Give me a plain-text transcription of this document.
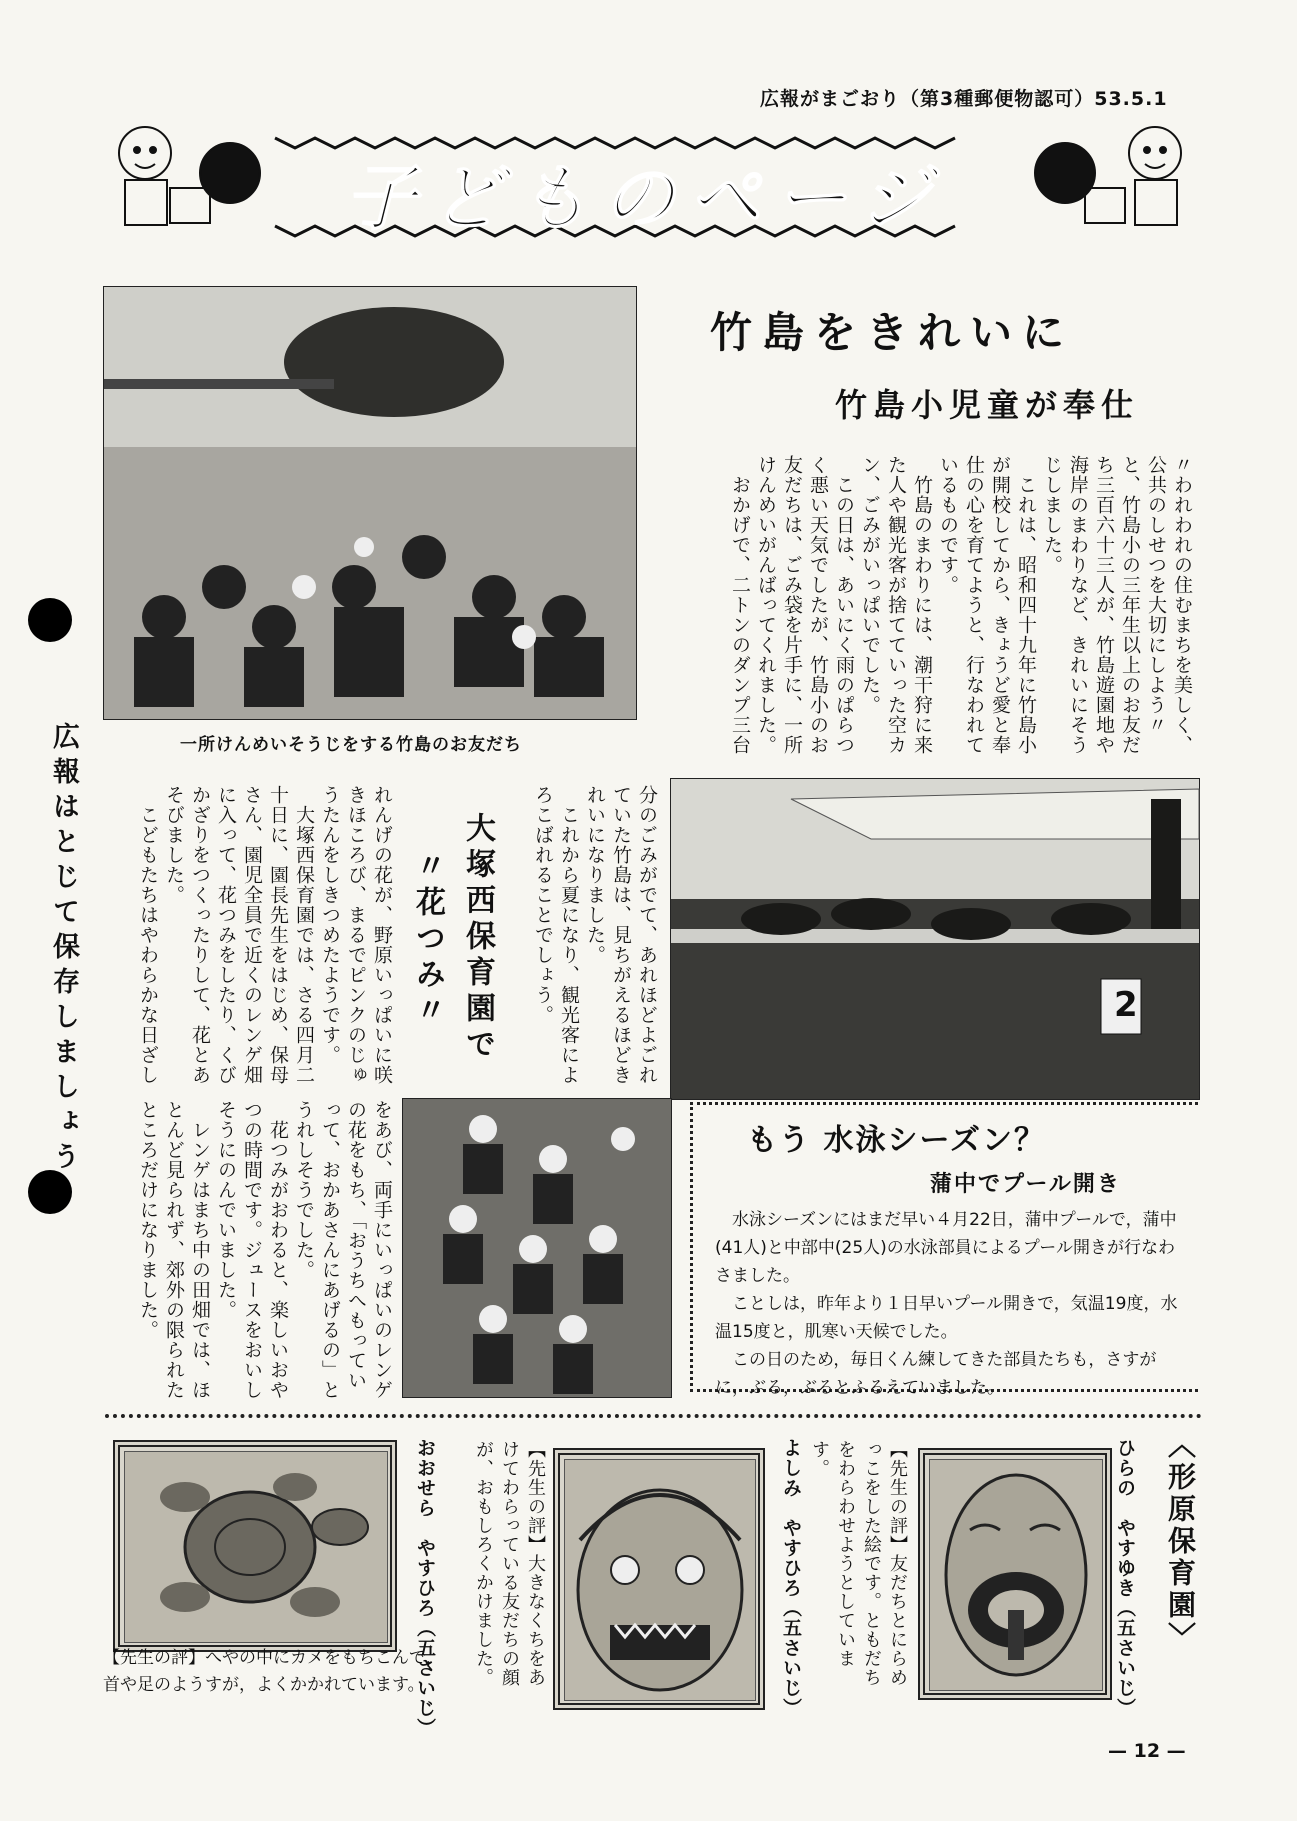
広報がまごおり（第3種郵便物認可）53.5.1
子どものページ
広報はとじて保存しましょう	一所けんめいそうじをする竹島のお友だち
竹島をきれいに
竹島小児童が奉仕
〃われわれの住むまちを美しく、公共のしせつを大切にしよう〃と、竹島小の三年生以上のお友だち三百六十三人が、竹島遊園地や海岸のまわりなど、きれいにそうじしました。
　これは、昭和四十九年に竹島小が開校してから、きょうど愛と奉仕の心を育てようと、行なわれているものです。
　竹島のまわりには、潮干狩に来た人や観光客が捨てていった空カン、ごみがいっぱいでした。
　この日は、あいにく雨のぱらつく悪い天気でしたが、竹島小のお友だちは、ごみ袋を片手に、一所けんめいがんばってくれました。
　おかげで、二トンのダンプ三台
分のごみがでて、あれほどよごれていた竹島は、見ちがえるほどきれいになりました。
　これから夏になり、観光客によろこばれることでしょう。
大塚西保育園で
〃花つみ〃
れんげの花が、野原いっぱいに咲きほころび、まるでピンクのじゅうたんをしきつめたようです。
　大塚西保育園では、さる四月二十日に、園長先生をはじめ、保母さん、園児全員で近くのレンゲ畑に入って、花つみをしたり、くびかざりをつくったりして、花とあそびました。
　こどもたちはやわらかな日ざし	2
をあび、両手にいっぱいのレンゲの花をもち、「おうちへもっていって、おかあさんにあげるの」とうれしそうでした。
　花つみがおわると、楽しいおやつの時間です。ジュースをおいしそうにのんでいました。
　レンゲはまち中の田畑では、ほとんど見られず、郊外の限られたところだけになりました。	もう 水泳シーズン？
蒲中でプール開き

水泳シーズンにはまだ早い４月22日，蒲中プールで，蒲中(41人)と中部中(25人)の水泳部員によるプール開きが行なわさました。

ことしは，昨年より１日早いプール開きで，気温19度，水温15度と，肌寒い天候でした。

この日のため，毎日くん練してきた部員たちも，さすがに，ぶる，ぶるとふるえていました。

〈形原保育園〉
ひらの　やすゆき（五さいじ）
【先生の評】友だちとにらめっこをした絵です。ともだちをわらわせようとしています。
よしみ　やすひろ（五さいじ）
【先生の評】大きなくちをあけてわらっている友だちの顔が、おもしろくかけました。
おおせら　やすひろ（五さいじ）
【先生の評】へやの中にカメをもちこんで，首や足のようすが，よくかかれています。
— 12 —
